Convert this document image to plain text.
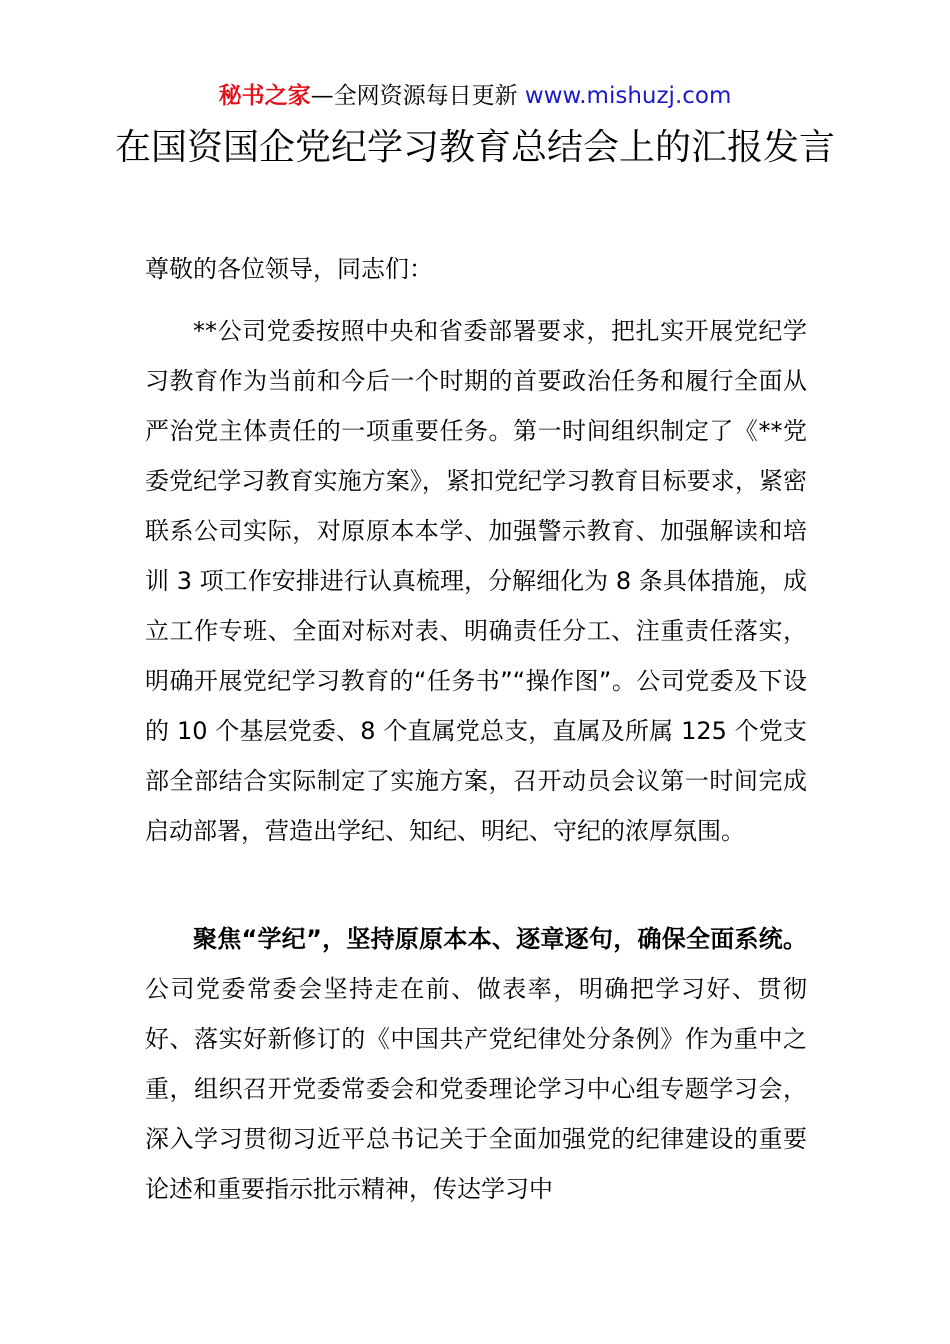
秘书之家—全网资源每日更新 www.mishuzj.com
在国资国企党纪学习教育总结会上的汇报发言

尊敬的各位领导，同志们：

**公司党委按照中央和省委部署要求，把扎实开展党纪学习教育作为当前和今后一个时期的首要政治任务和履行全面从严治党主体责任的一项重要任务。第一时间组织制定了《**党委党纪学习教育实施方案》，紧扣党纪学习教育目标要求，紧密联系公司实际，对原原本本学、加强警示教育、加强解读和培训 3 项工作安排进行认真梳理，分解细化为 8 条具体措施，成立工作专班、全面对标对表、明确责任分工、注重责任落实，明确开展党纪学习教育的“任务书”“操作图”。公司党委及下设的 10 个基层党委、8 个直属党总支，直属及所属 125 个党支部全部结合实际制定了实施方案，召开动员会议第一时间完成启动部署，营造出学纪、知纪、明纪、守纪的浓厚氛围。

聚焦“学纪”，坚持原原本本、逐章逐句，确保全面系统。公司党委常委会坚持走在前、做表率，明确把学习好、贯彻好、落实好新修订的《中国共产党纪律处分条例》作为重中之重，组织召开党委常委会和党委理论学习中心组专题学习会，深入学习贯彻习近平总书记关于全面加强党的纪律建设的重要论述和重要指示批示精神，传达学习中
